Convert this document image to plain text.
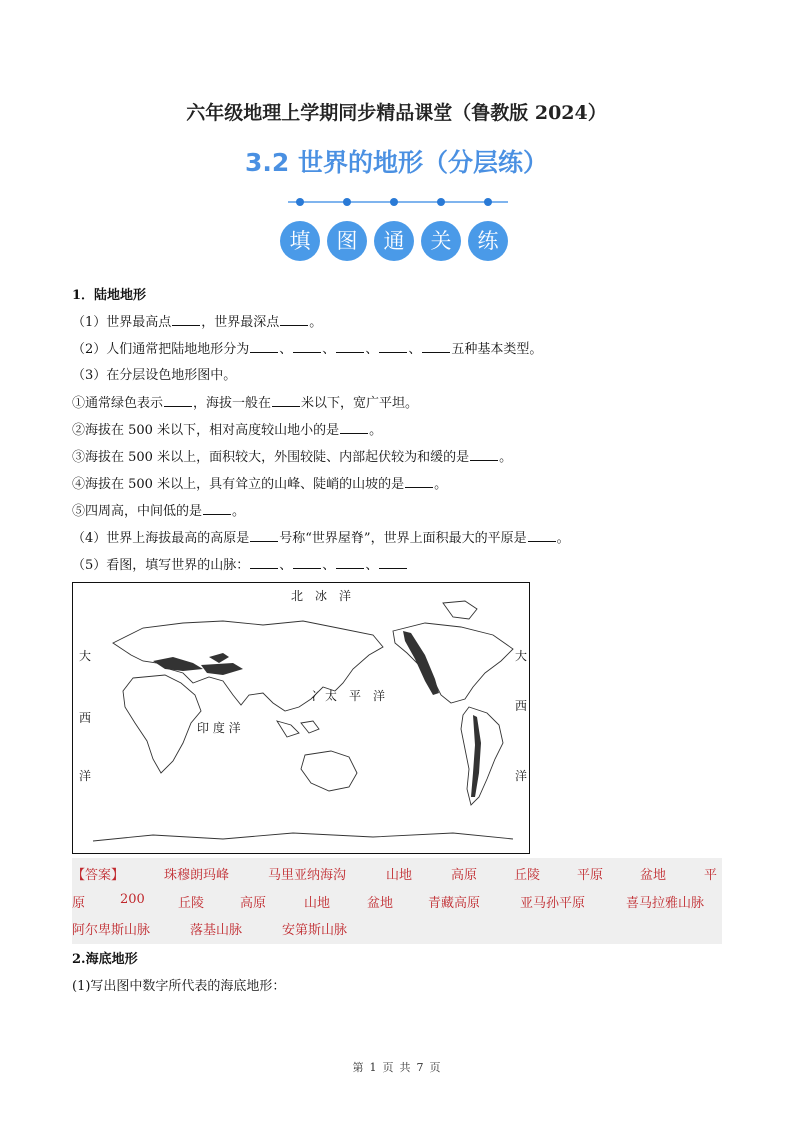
六年级地理上学期同步精品课堂（鲁教版 2024）
3.2 世界的地形（分层练）
填	图	通	关	练
1．陆地地形
（1）世界最高点 ，世界最深点 。
（2）人们通常把陆地地形分为 、 、 、 、 五种基本类型。
（3）在分层设色地形图中。
①通常绿色表示 ，海拔一般在 米以下，宽广平坦。
②海拔在 500 米以下，相对高度较山地小的是 。
③海拔在 500 米以上，面积较大，外围较陡、内部起伏较为和缓的是 。
④海拔在 500 米以上，具有耸立的山峰、陡峭的山坡的是 。
⑤四周高，中间低的是 。
（4）世界上海拔最高的高原是 号称“世界屋脊”，世界上面积最大的平原是 。
（5）看图，填写世界的山脉： 、 、 、
北　冰　洋
大
西
洋
大
西
洋
太　平　洋
冫
印 度 洋
【答案】	珠穆朗玛峰	马里亚纳海沟	山地	高原	丘陵	平原	盆地	平
原	200	丘陵	高原	山地	盆地	青藏高原	亚马孙平原	喜马拉雅山脉
阿尔卑斯山脉	落基山脉	安第斯山脉
2.海底地形
(1)写出图中数字所代表的海底地形：
第 1 页 共 7 页
